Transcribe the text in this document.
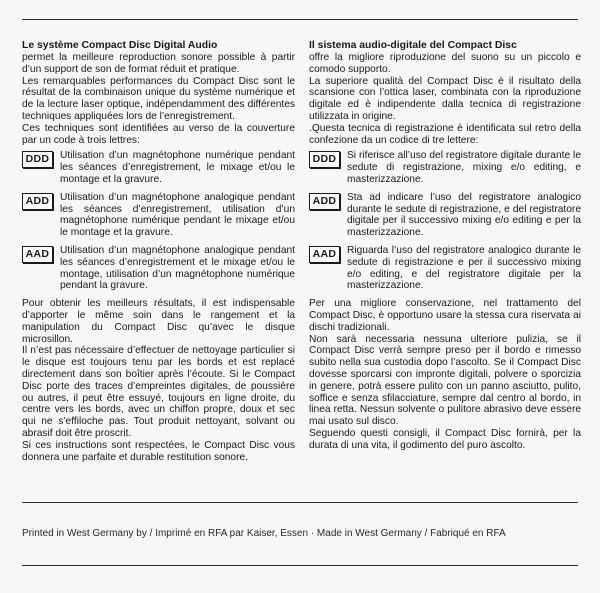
Le système Compact Disc Digital Audio

permet la meilleure reproduction sonore possible à partir d’un support de son de format réduit et pratique.

Les remarquables performances du Compact Disc sont le résultat de la combinaison unique du système numérique et de la lecture laser optique, indépendamment des différentes techniques appliquées lors de l’enregistrement.

Ces techniques sont identifiées au verso de la couverture par un code à trois lettres:

DDD	Utilisation d’un magnétophone numérique pendant les séances d’enregistrement, le mixage et/ou le montage et la gravure.
ADD	Utilisation d’un magnétophone analogique pendant les séances d’enregistrement, utilisation d’un magnétophone numérique pendant le mixage et/ou le montage et la gravure.
AAD	Utilisation d’un magnétophone analogique pendant les séances d’enregistrement et le mixage et/ou le montage, utilisation d’un magnétophone numérique pendant la gravure.

Pour obtenir les meilleurs résultats, il est indispensable d’apporter le même soin dans le rangement et la manipulation du Compact Disc qu’avec le disque microsillon.

Il n’est pas nécessaire d’effectuer de nettoyage particulier si le disque est toujours tenu par les bords et est replacé directement dans son boîtier après l’écoute. Si le Compact Disc porte des traces d’empreintes digitales, de poussière ou autres, il peut être essuyé, toujours en ligne droite, du centre vers les bords, avec un chiffon propre, doux et sec qui ne s’effiloche pas. Tout produit nettoyant, solvant ou abrasif doit être proscrit.

Si ces instructions sont respectées, le Compact Disc vous donnera une parfaite et durable restitution sonore.

Il sistema audio-digitale del Compact Disc

offre la migliore riproduzione del suono su un piccolo e comodo supporto.

La superiore qualità del Compact Disc è il risultato della scansione con l’ottica laser, combinata con la riproduzione digitale ed è indipendente dalla tecnica di registrazione utilizzata in origine.

.Questa tecnica di registrazione è identificata sul retro della confezione da un codice di tre lettere:

DDD	Si riferisce all’uso del registratore digitale durante le sedute di registrazione, mixing e/o editing, e masterizzazione.
ADD	Sta ad indicare l’uso del registratore analogico durante le sedute di registrazione, e del registratore digitale per il successivo mixing e/o editing e per la masterizzazione.
AAD	Riguarda l’uso del registratore analogico durante le sedute di registrazione e per il successivo mixing e/o editing, e del registratore digitale per la masterizzazione.

Per una migliore conservazione, nel trattamento del Compact Disc, è opportuno usare la stessa cura riservata ai dischi tradizionali.

Non sarà necessaria nessuna ulteriore pulizia, se il Compact Disc verrà sempre preso per il bordo e rimesso subito nella sua custodia dopo l’ascolto. Se il Compact Disc dovesse sporcarsi con impronte digitali, polvere o sporcizia in genere, potrà essere pulito con un panno asciutto, pulito, soffice e senza sfilacciature, sempre dal centro al bordo, in linea retta. Nessun solvente o pulitore abrasivo deve essere mai usato sul disco.

Seguendo questi consigli, il Compact Disc fornirà, per la durata di una vita, il godimento del puro ascolto.

Printed in West Germany by / Imprimé en RFA par Kaiser, Essen · Made in West Germany / Fabriqué en RFA
